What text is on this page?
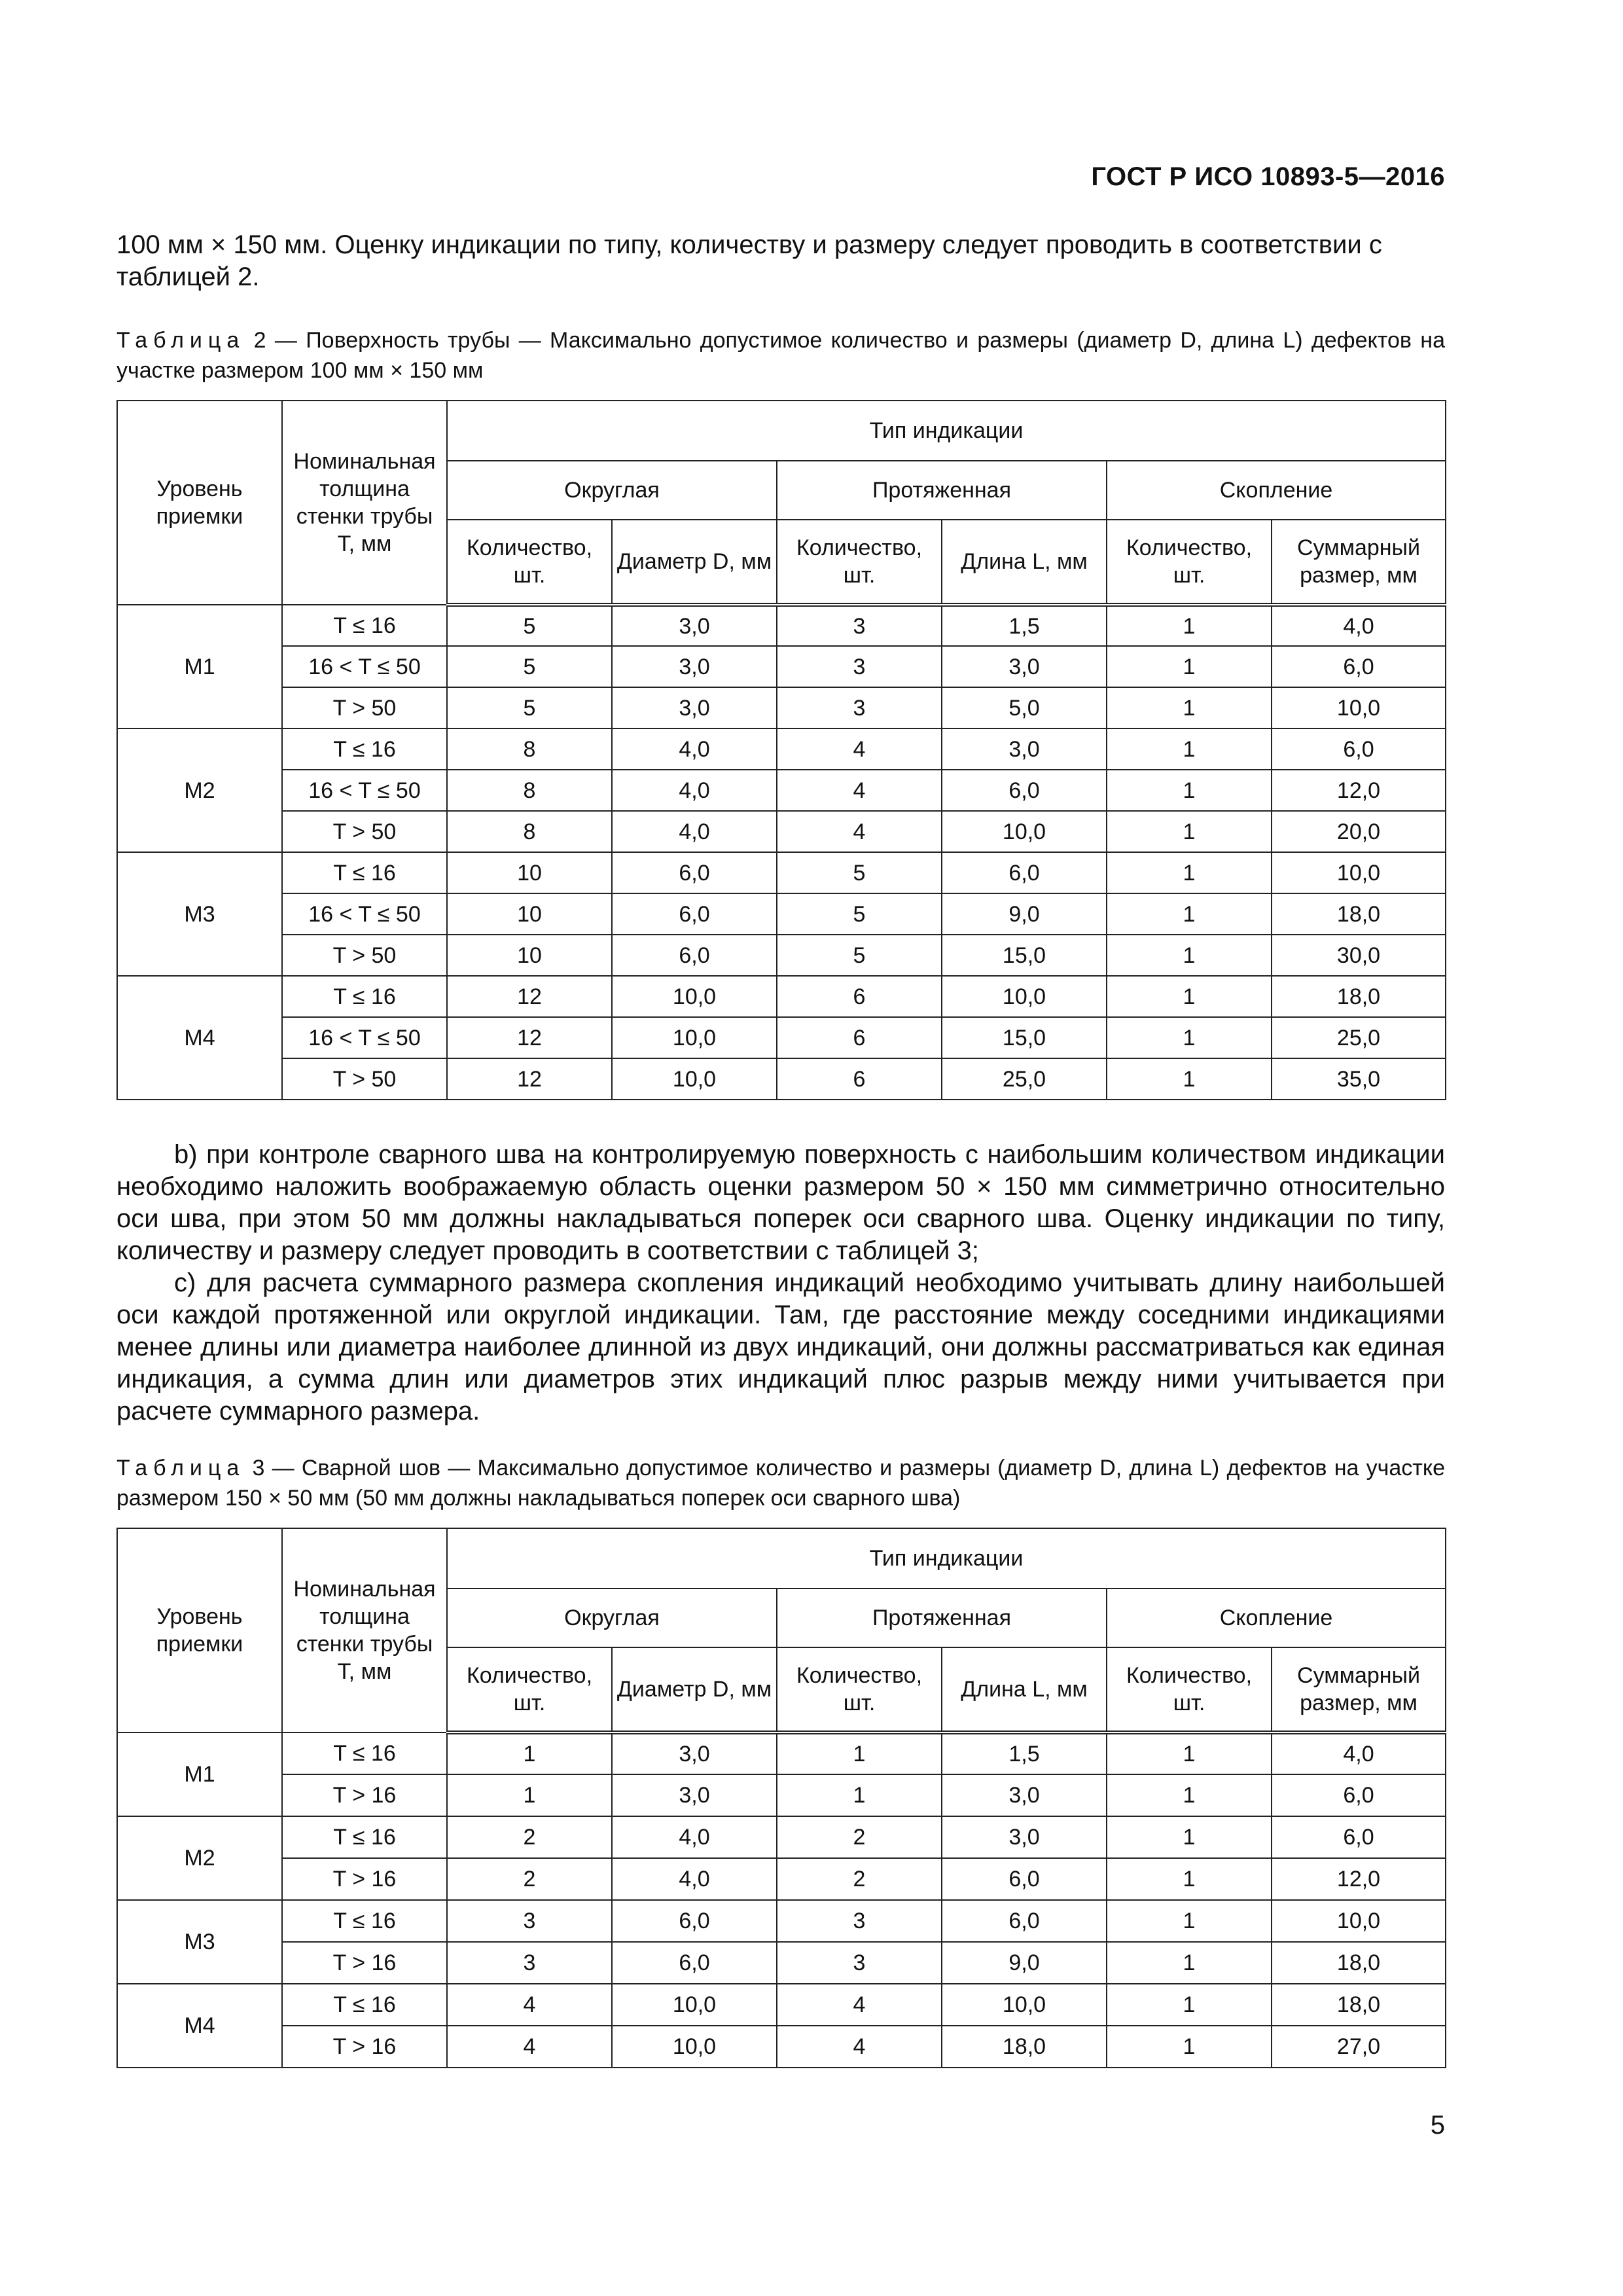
ГОСТ Р ИСО 10893-5—2016

100 мм × 150 мм. Оценку индикации по типу, количеству и размеру следует проводить в соответствии с

таблицей 2.

Таблица 2 — Поверхность трубы — Максимально допустимое количество и размеры (диаметр D, длина L) дефектов на участке размером 100 мм × 150 мм
Уровень приемки	Номинальная толщина стенки трубы T, мм	Тип индикации					
		Округлая		Протяженная		Скопление	
		Количество, шт.	Диаметр D, мм	Количество, шт.	Длина L, мм	Количество, шт.	Суммарный размер, мм
M1	T ≤ 16	5	3,0	3	1,5	1	4,0
	16 < T ≤ 50	5	3,0	3	3,0	1	6,0
	T > 50	5	3,0	3	5,0	1	10,0
M2	T ≤ 16	8	4,0	4	3,0	1	6,0
	16 < T ≤ 50	8	4,0	4	6,0	1	12,0
	T > 50	8	4,0	4	10,0	1	20,0
M3	T ≤ 16	10	6,0	5	6,0	1	10,0
	16 < T ≤ 50	10	6,0	5	9,0	1	18,0
	T > 50	10	6,0	5	15,0	1	30,0
M4	T ≤ 16	12	10,0	6	10,0	1	18,0
	16 < T ≤ 50	12	10,0	6	15,0	1	25,0
	T > 50	12	10,0	6	25,0	1	35,0

b) при контроле сварного шва на контролируемую поверхность с наибольшим количеством индикации необходимо наложить воображаемую область оценки размером 50 × 150 мм симметрично относительно оси шва, при этом 50 мм должны накладываться поперек оси сварного шва. Оценку индикации по типу, количеству и размеру следует проводить в соответствии с таблицей 3;

c) для расчета суммарного размера скопления индикаций необходимо учитывать длину наибольшей оси каждой протяженной или округлой индикации. Там, где расстояние между соседними индикациями менее длины или диаметра наиболее длинной из двух индикаций, они должны рассматриваться как единая индикация, а сумма длин или диаметров этих индикаций плюс разрыв между ними учитывается при расчете суммарного размера.

Таблица 3 — Сварной шов — Максимально допустимое количество и размеры (диаметр D, длина L) дефектов на участке размером 150 × 50 мм (50 мм должны накладываться поперек оси сварного шва)
Уровень приемки	Номинальная толщина стенки трубы T, мм	Тип индикации					
		Округлая		Протяженная		Скопление	
		Количество, шт.	Диаметр D, мм	Количество, шт.	Длина L, мм	Количество, шт.	Суммарный размер, мм
M1	T ≤ 16	1	3,0	1	1,5	1	4,0
	T > 16	1	3,0	1	3,0	1	6,0
M2	T ≤ 16	2	4,0	2	3,0	1	6,0
	T > 16	2	4,0	2	6,0	1	12,0
M3	T ≤ 16	3	6,0	3	6,0	1	10,0
	T > 16	3	6,0	3	9,0	1	18,0
M4	T ≤ 16	4	10,0	4	10,0	1	18,0
	T > 16	4	10,0	4	18,0	1	27,0
5
